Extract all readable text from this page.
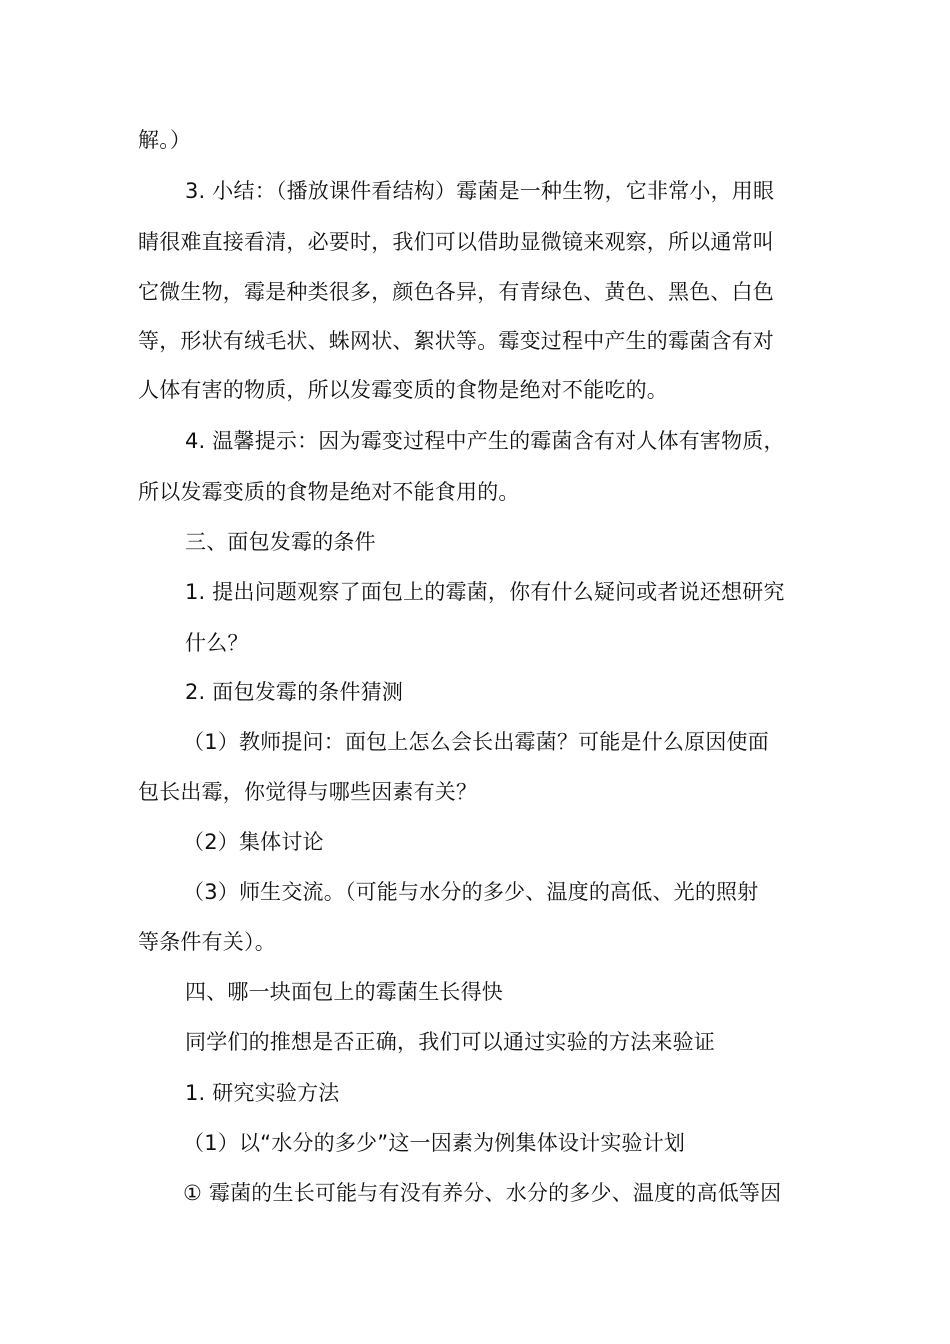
解。）
3. 小结：（播放课件看结构）霉菌是一种生物，它非常小，用眼
睛很难直接看清，必要时，我们可以借助显微镜来观察，所以通常叫
它微生物，霉是种类很多，颜色各异，有青绿色、黄色、黑色、白色
等，形状有绒毛状、蛛网状、絮状等。霉变过程中产生的霉菌含有对
人体有害的物质，所以发霉变质的食物是绝对不能吃的。
4. 温馨提示：因为霉变过程中产生的霉菌含有对人体有害物质，
所以发霉变质的食物是绝对不能食用的。
三、面包发霉的条件
1. 提出问题观察了面包上的霉菌，你有什么疑问或者说还想研究
什么？
2. 面包发霉的条件猜测
（1）教师提问：面包上怎么会长出霉菌？可能是什么原因使面
包长出霉，你觉得与哪些因素有关？
（2）集体讨论
（3）师生交流。（可能与水分的多少、温度的高低、光的照射
等条件有关）。
四、哪一块面包上的霉菌生长得快
同学们的推想是否正确，我们可以通过实验的方法来验证
1. 研究实验方法
（1）以“水分的多少”这一因素为例集体设计实验计划
① 霉菌的生长可能与有没有养分、水分的多少、温度的高低等因
